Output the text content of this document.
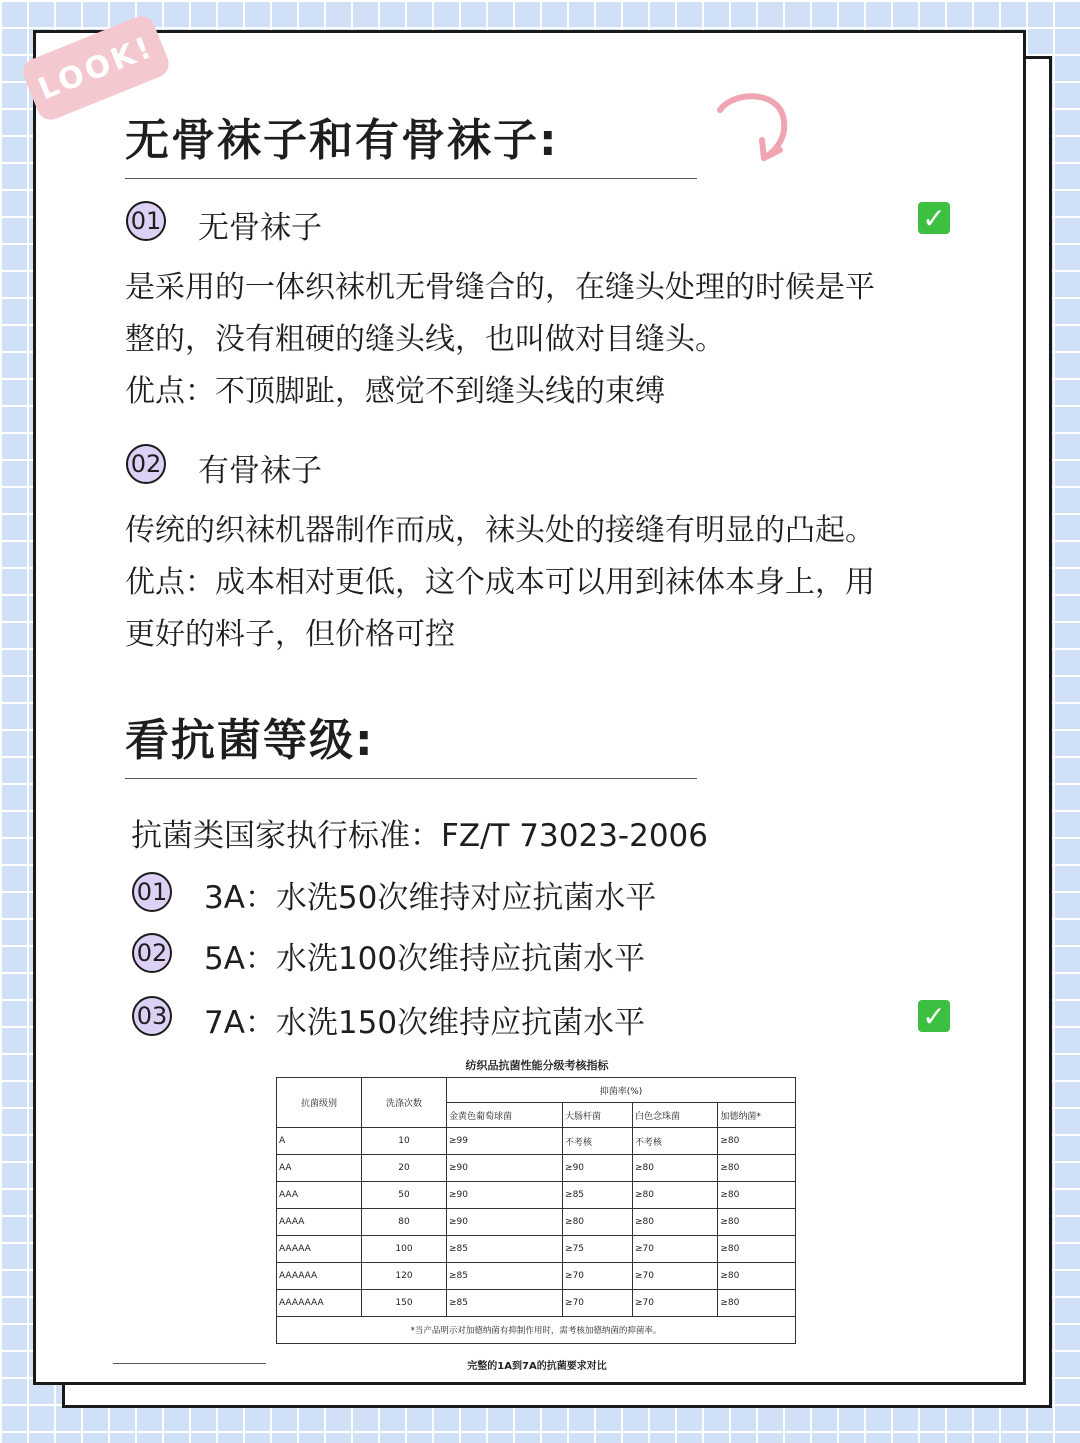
LOOK!
无骨袜子和有骨袜子:
01 无骨袜子	✓

是采用的一体织袜机无骨缝合的，在缝头处理的时候是平

整的，没有粗硬的缝头线，也叫做对目缝头。

优点：不顶脚趾，感觉不到缝头线的束缚

02 有骨袜子

传统的织袜机器制作而成，袜头处的接缝有明显的凸起。

优点：成本相对更低，这个成本可以用到袜体本身上，用

更好的料子，但价格可控

看抗菌等级:
抗菌类国家执行标准：FZ/T 73023-2006
01 3A：水洗50次维持对应抗菌水平
02 5A：水洗100次维持应抗菌水平
03 7A：水洗150次维持应抗菌水平	✓
纺织品抗菌性能分级考核指标
抗菌级别	洗涤次数	抑菌率(%)			
		金黄色葡萄球菌	大肠杆菌	白色念珠菌	加德纳菌*
A	10	≥99	不考核	不考核	≥80
AA	20	≥90	≥90	≥80	≥80
AAA	50	≥90	≥85	≥80	≥80
AAAA	80	≥90	≥80	≥80	≥80
AAAAA	100	≥85	≥75	≥70	≥80
AAAAAA	120	≥85	≥70	≥70	≥80
AAAAAAA	150	≥85	≥70	≥70	≥80
*当产品明示对加德纳菌有抑制作用时，需考核加德纳菌的抑菌率。					
完整的1A到7A的抗菌要求对比
